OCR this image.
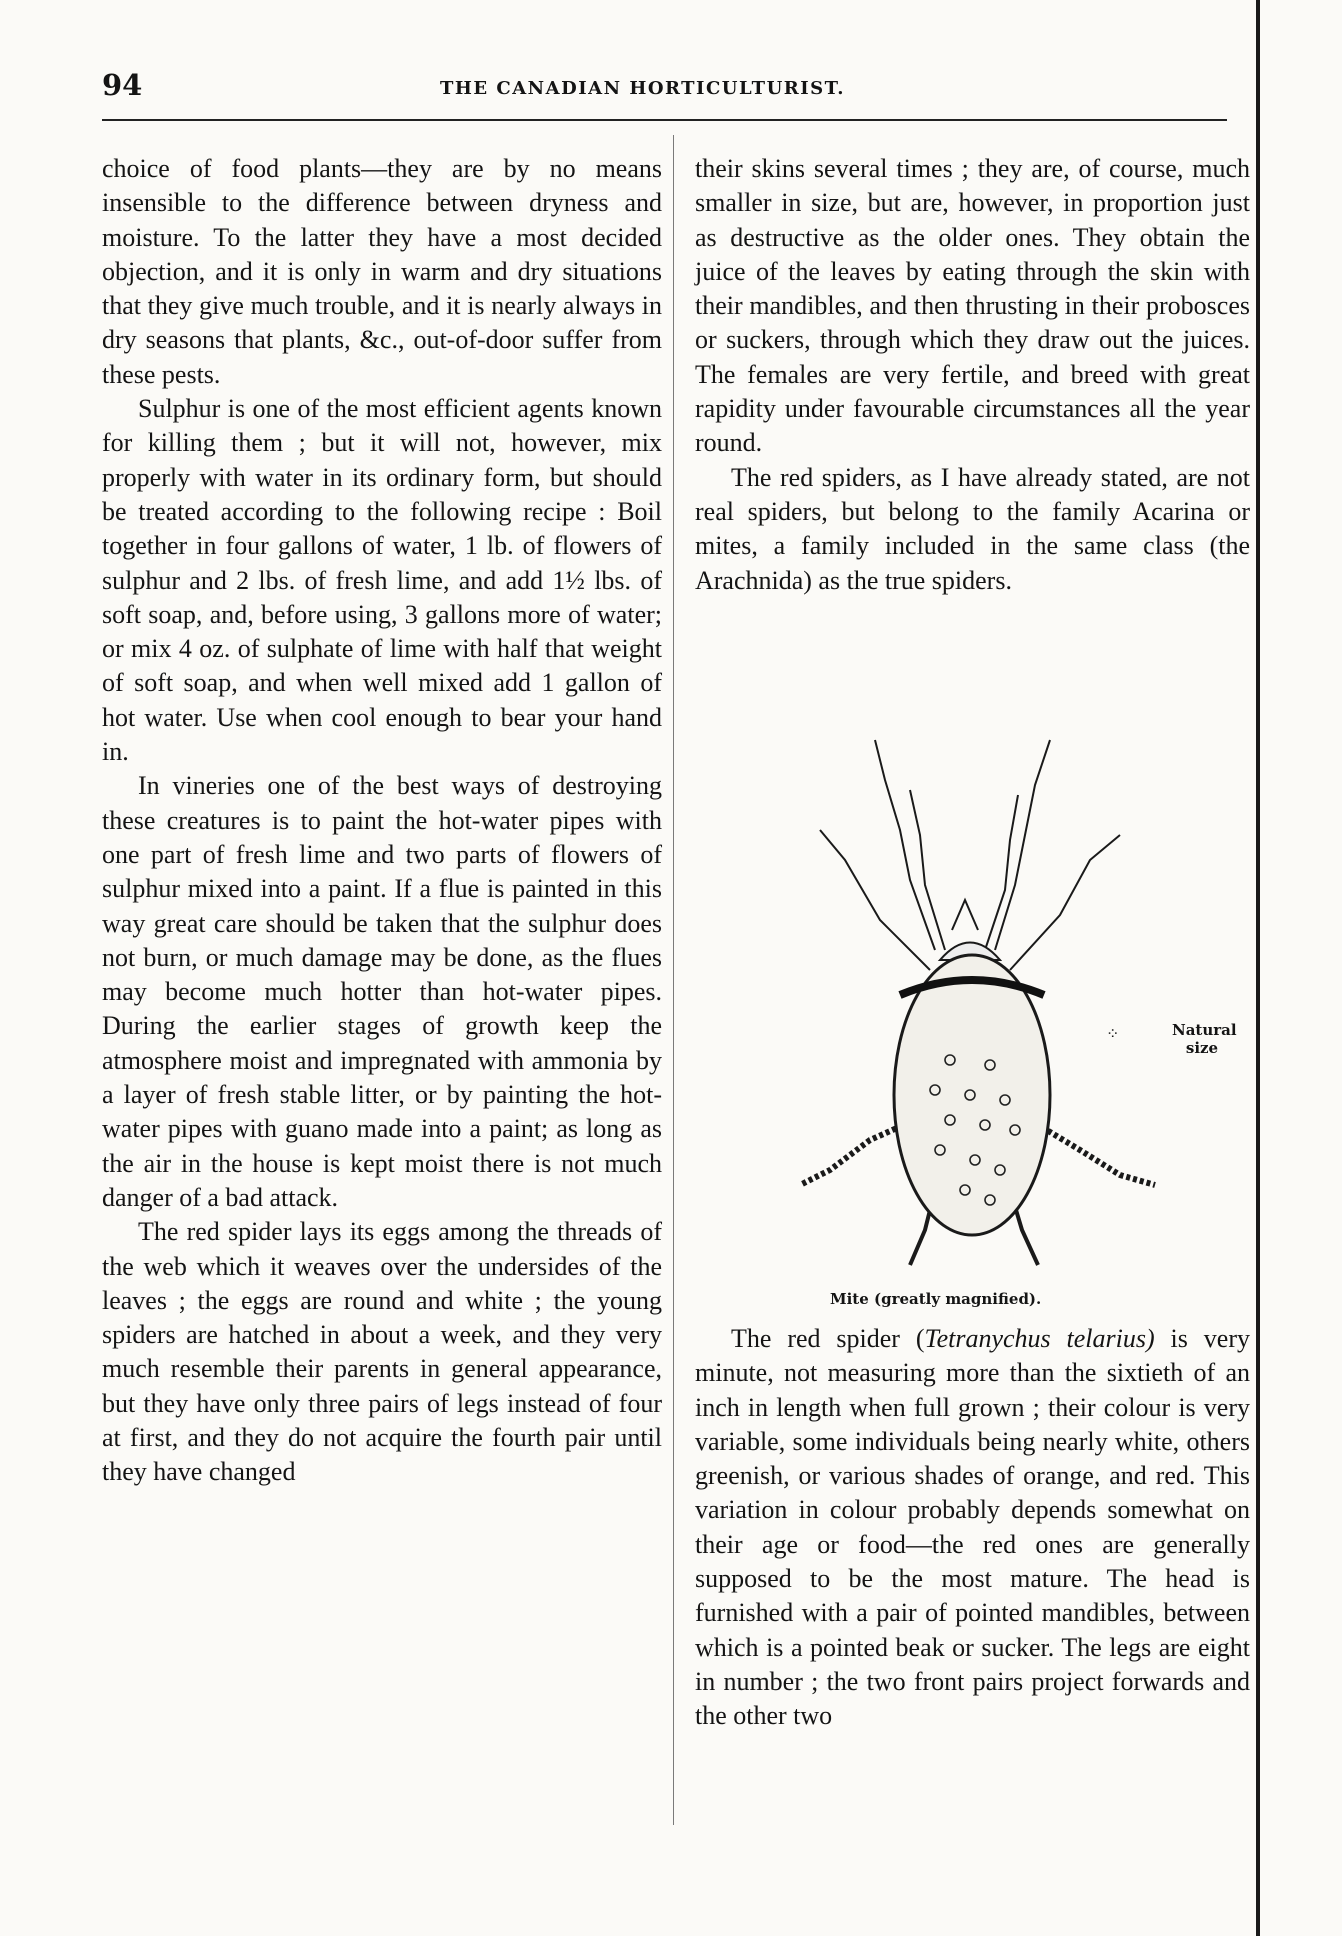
94	THE CANADIAN HORTICULTURIST.

choice of food plants—they are by no means insensible to the difference between dryness and moisture. To the latter they have a most decided objection, and it is only in warm and dry situations that they give much trouble, and it is nearly always in dry seasons that plants, &c., out-of-door suffer from these pests.

Sulphur is one of the most efficient agents known for killing them ; but it will not, however, mix properly with water in its ordinary form, but should be treated according to the following recipe : Boil together in four gallons of water, 1 lb. of flowers of sulphur and 2 lbs. of fresh lime, and add 1½ lbs. of soft soap, and, before using, 3 gallons more of water; or mix 4 oz. of sulphate of lime with half that weight of soft soap, and when well mixed add 1 gallon of hot water. Use when cool enough to bear your hand in.

In vineries one of the best ways of destroying these creatures is to paint the hot-water pipes with one part of fresh lime and two parts of flowers of sulphur mixed into a paint. If a flue is painted in this way great care should be taken that the sulphur does not burn, or much damage may be done, as the flues may become much hotter than hot-water pipes. During the earlier stages of growth keep the atmosphere moist and impregnated with ammonia by a layer of fresh stable litter, or by painting the hot-water pipes with guano made into a paint; as long as the air in the house is kept moist there is not much danger of a bad attack.

The red spider lays its eggs among the threads of the web which it weaves over the undersides of the leaves ; the eggs are round and white ; the young spiders are hatched in about a week, and they very much resemble their parents in general appearance, but they have only three pairs of legs instead of four at first, and they do not acquire the fourth pair until they have changed

their skins several times ; they are, of course, much smaller in size, but are, however, in proportion just as destructive as the older ones. They obtain the juice of the leaves by eating through the skin with their mandibles, and then thrusting in their probosces or suckers, through which they draw out the juices. The females are very fertile, and breed with great rapidity under favourable circumstances all the year round.

The red spiders, as I have already stated, are not real spiders, but belong to the family Acarina or mites, a family included in the same class (the Arachnida) as the true spiders.

⁘	Natural size
Mite (greatly magnified).

The red spider (Tetranychus telarius) is very minute, not measuring more than the sixtieth of an inch in length when full grown ; their colour is very variable, some individuals being nearly white, others greenish, or various shades of orange, and red. This variation in colour probably depends somewhat on their age or food—the red ones are generally supposed to be the most mature. The head is furnished with a pair of pointed mandibles, between which is a pointed beak or sucker. The legs are eight in number ; the two front pairs project forwards and the other two
